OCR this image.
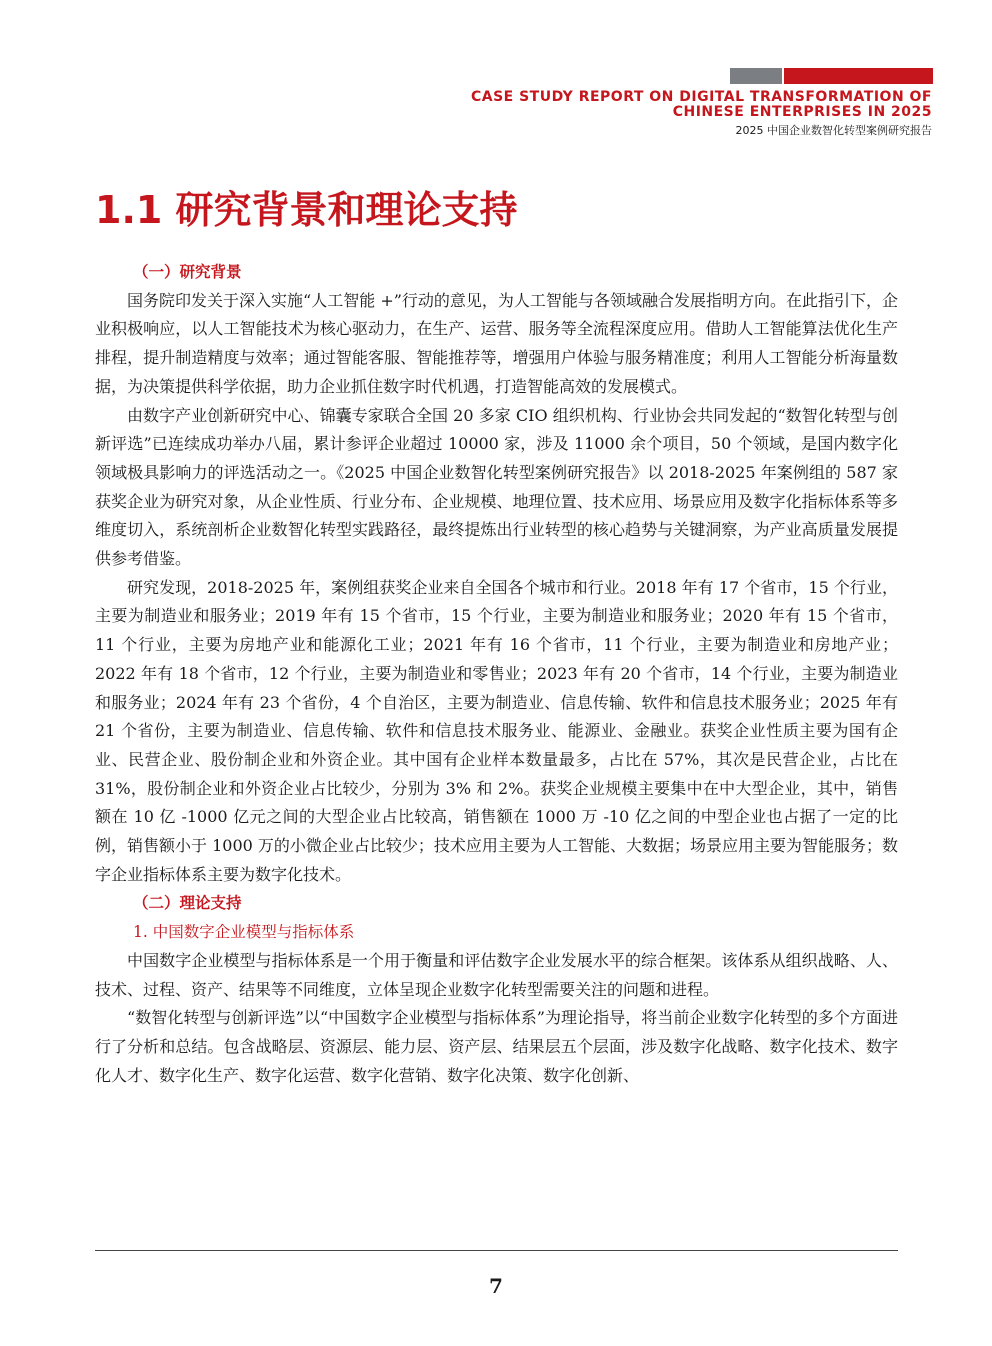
CASE STUDY REPORT ON DIGITAL TRANSFORMATION OF
CHINESE ENTERPRISES IN 2025
2025 中国企业数智化转型案例研究报告
1.1 研究背景和理论支持
（一）研究背景

国务院印发关于深入实施“人工智能 +”行动的意见，为人工智能与各领域融合发展指明方向。在此指引下，企业积极响应，以人工智能技术为核心驱动力，在生产、运营、服务等全流程深度应用。借助人工智能算法优化生产排程，提升制造精度与效率；通过智能客服、智能推荐等，增强用户体验与服务精准度；利用人工智能分析海量数据，为决策提供科学依据，助力企业抓住数字时代机遇，打造智能高效的发展模式。

由数字产业创新研究中心、锦囊专家联合全国 20 多家 CIO 组织机构、行业协会共同发起的“数智化转型与创新评选”已连续成功举办八届，累计参评企业超过 10000 家，涉及 11000 余个项目，50 个领域，是国内数字化领域极具影响力的评选活动之一。《2025 中国企业数智化转型案例研究报告》以 2018-2025 年案例组的 587 家获奖企业为研究对象，从企业性质、行业分布、企业规模、地理位置、技术应用、场景应用及数字化指标体系等多维度切入，系统剖析企业数智化转型实践路径，最终提炼出行业转型的核心趋势与关键洞察，为产业高质量发展提供参考借鉴。

研究发现，2018-2025 年，案例组获奖企业来自全国各个城市和行业。2018 年有 17 个省市，15 个行业，主要为制造业和服务业；2019 年有 15 个省市，15 个行业，主要为制造业和服务业；2020 年有 15 个省市，11 个行业，主要为房地产业和能源化工业；2021 年有 16 个省市，11 个行业，主要为制造业和房地产业；2022 年有 18 个省市，12 个行业，主要为制造业和零售业；2023 年有 20 个省市，14 个行业，主要为制造业和服务业；2024 年有 23 个省份，4 个自治区，主要为制造业、信息传输、软件和信息技术服务业；2025 年有 21 个省份，主要为制造业、信息传输、软件和信息技术服务业、能源业、金融业。获奖企业性质主要为国有企业、民营企业、股份制企业和外资企业。其中国有企业样本数量最多，占比在 57%，其次是民营企业，占比在 31%，股份制企业和外资企业占比较少，分别为 3% 和 2%。获奖企业规模主要集中在中大型企业，其中，销售额在 10 亿 -1000 亿元之间的大型企业占比较高，销售额在 1000 万 -10 亿之间的中型企业也占据了一定的比例，销售额小于 1000 万的小微企业占比较少；技术应用主要为人工智能、大数据；场景应用主要为智能服务；数字企业指标体系主要为数字化技术。

（二）理论支持
1. 中国数字企业模型与指标体系

中国数字企业模型与指标体系是一个用于衡量和评估数字企业发展水平的综合框架。该体系从组织战略、人、技术、过程、资产、结果等不同维度，立体呈现企业数字化转型需要关注的问题和进程。

“数智化转型与创新评选”以“中国数字企业模型与指标体系”为理论指导，将当前企业数字化转型的多个方面进行了分析和总结。包含战略层、资源层、能力层、资产层、结果层五个层面，涉及数字化战略、数字化技术、数字化人才、数字化生产、数字化运营、数字化营销、数字化决策、数字化创新、

7
